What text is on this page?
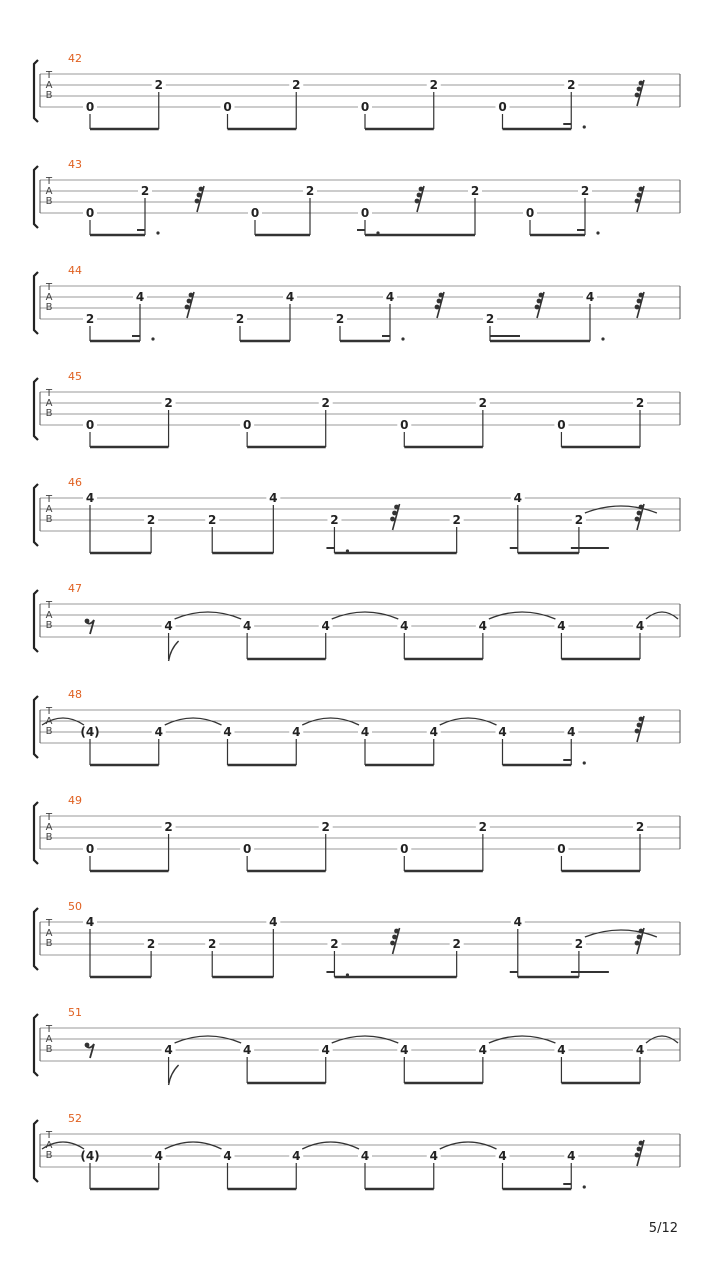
T
A
B
42
0
2
0
2
0
2
0
2
T
A
B
43
0
2
0
2
0
2
0
2
T
A
B
44
2
4
2
4
2
4
2
4
T
A
B
45
0
2
0
2
0
2
0
2
T
A
B
46
4
2	2
4
2	2
4
2
T
A
B
47
4	4	4	4	4	4	4
T
A
B
48
(4)	4	4	4	4	4	4	4
T
A
B
49
0
2
0
2
0
2
0
2
T
A
B
50
4
2	2
4
2	2
4
2
T
A
B
51
4	4	4	4	4	4	4
T
A
B
52
(4)	4	4	4	4	4	4	4
5/12
